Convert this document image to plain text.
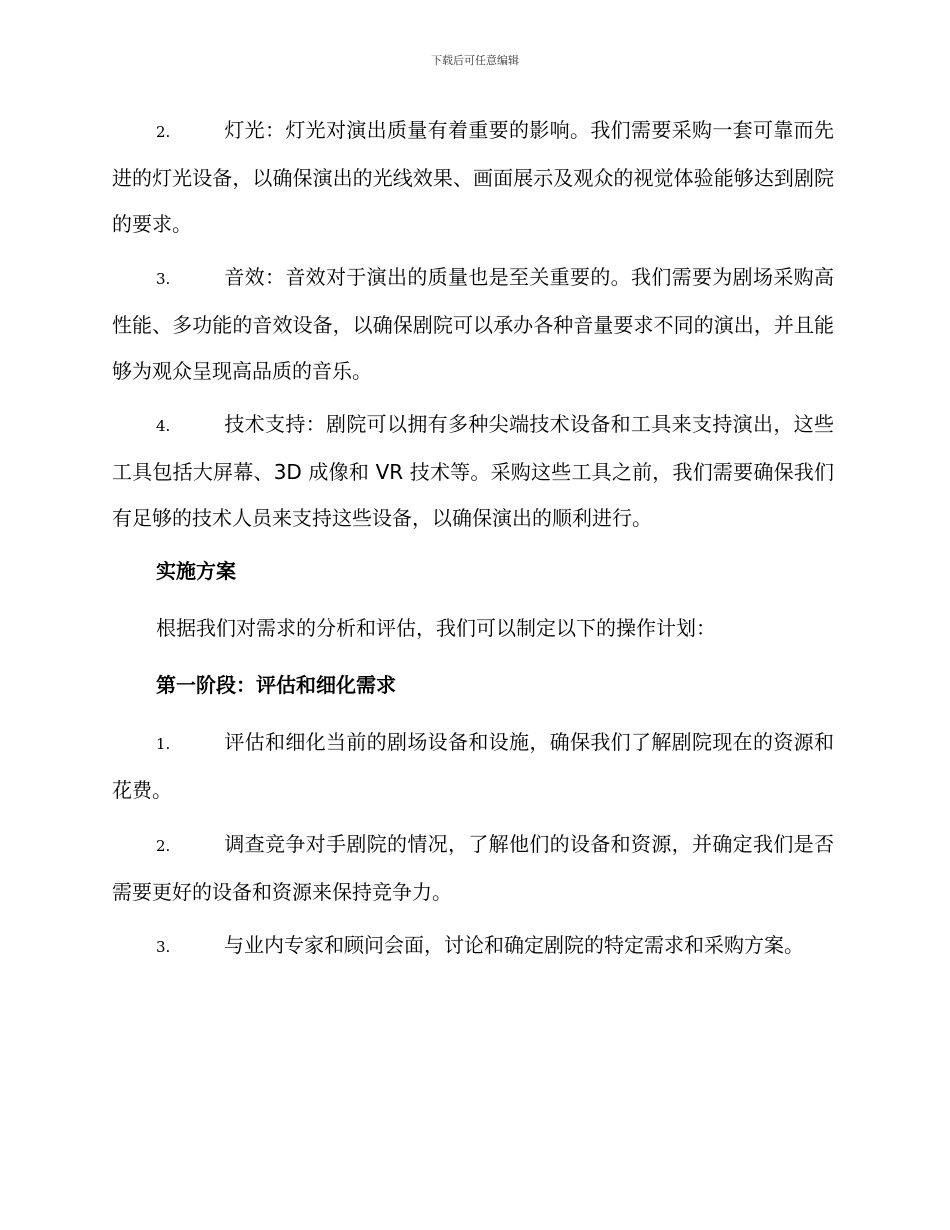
下载后可任意编辑

2.	灯光：灯光对演出质量有着重要的影响。我们需要采购一套可靠而先进的灯光设备，以确保演出的光线效果、画面展示及观众的视觉体验能够达到剧院的要求。

3.	音效：音效对于演出的质量也是至关重要的。我们需要为剧场采购高性能、多功能的音效设备，以确保剧院可以承办各种音量要求不同的演出，并且能够为观众呈现高品质的音乐。

4.	技术支持：剧院可以拥有多种尖端技术设备和工具来支持演出，这些工具包括大屏幕、3D 成像和 VR 技术等。采购这些工具之前，我们需要确保我们有足够的技术人员来支持这些设备，以确保演出的顺利进行。

实施方案

根据我们对需求的分析和评估，我们可以制定以下的操作计划：

第一阶段：评估和细化需求

1.	评估和细化当前的剧场设备和设施，确保我们了解剧院现在的资源和花费。

2.	调查竞争对手剧院的情况，了解他们的设备和资源，并确定我们是否需要更好的设备和资源来保持竞争力。

3.	与业内专家和顾问会面，讨论和确定剧院的特定需求和采购方案。
